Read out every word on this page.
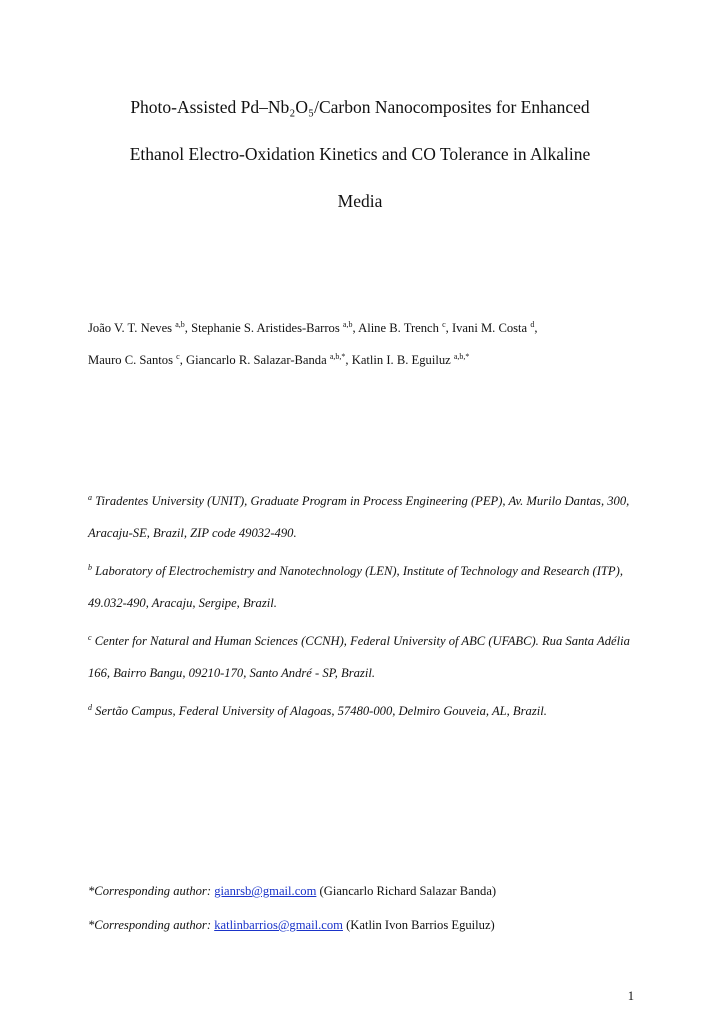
Photo-Assisted Pd–Nb₂O₅/Carbon Nanocomposites for Enhanced
Ethanol Electro-Oxidation Kinetics and CO Tolerance in Alkaline
Media
João V. T. Neves $^{a,b}$, Stephanie S. Aristides-Barros $^{a,b}$, Aline B. Trench $^c$, Ivani M. Costa $^d$,
Mauro C. Santos $^c$, Giancarlo R. Salazar-Banda $^{a,b,*}$, Katlin I. B. Eguiluz $^{a,b,*}$
$^a$ Tiradentes University (UNIT), Graduate Program in Process Engineering (PEP), Av. Murilo Dantas, 300, Aracaju-SE, Brazil, ZIP code 49032-490.
$^b$ Laboratory of Electrochemistry and Nanotechnology (LEN), Institute of Technology and Research (ITP), 49.032-490, Aracaju, Sergipe, Brazil.
$^c$ Center for Natural and Human Sciences (CCNH), Federal University of ABC (UFABC). Rua Santa Adélia 166, Bairro Bangu, 09210-170, Santo André - SP, Brazil.
$^d$ Sertão Campus, Federal University of Alagoas, 57480-000, Delmiro Gouveia, AL, Brazil.
*Corresponding author: gianrsb@gmail.com (Giancarlo Richard Salazar Banda)
*Corresponding author: katlinbarrios@gmail.com (Katlin Ivon Barrios Eguiluz)
1
